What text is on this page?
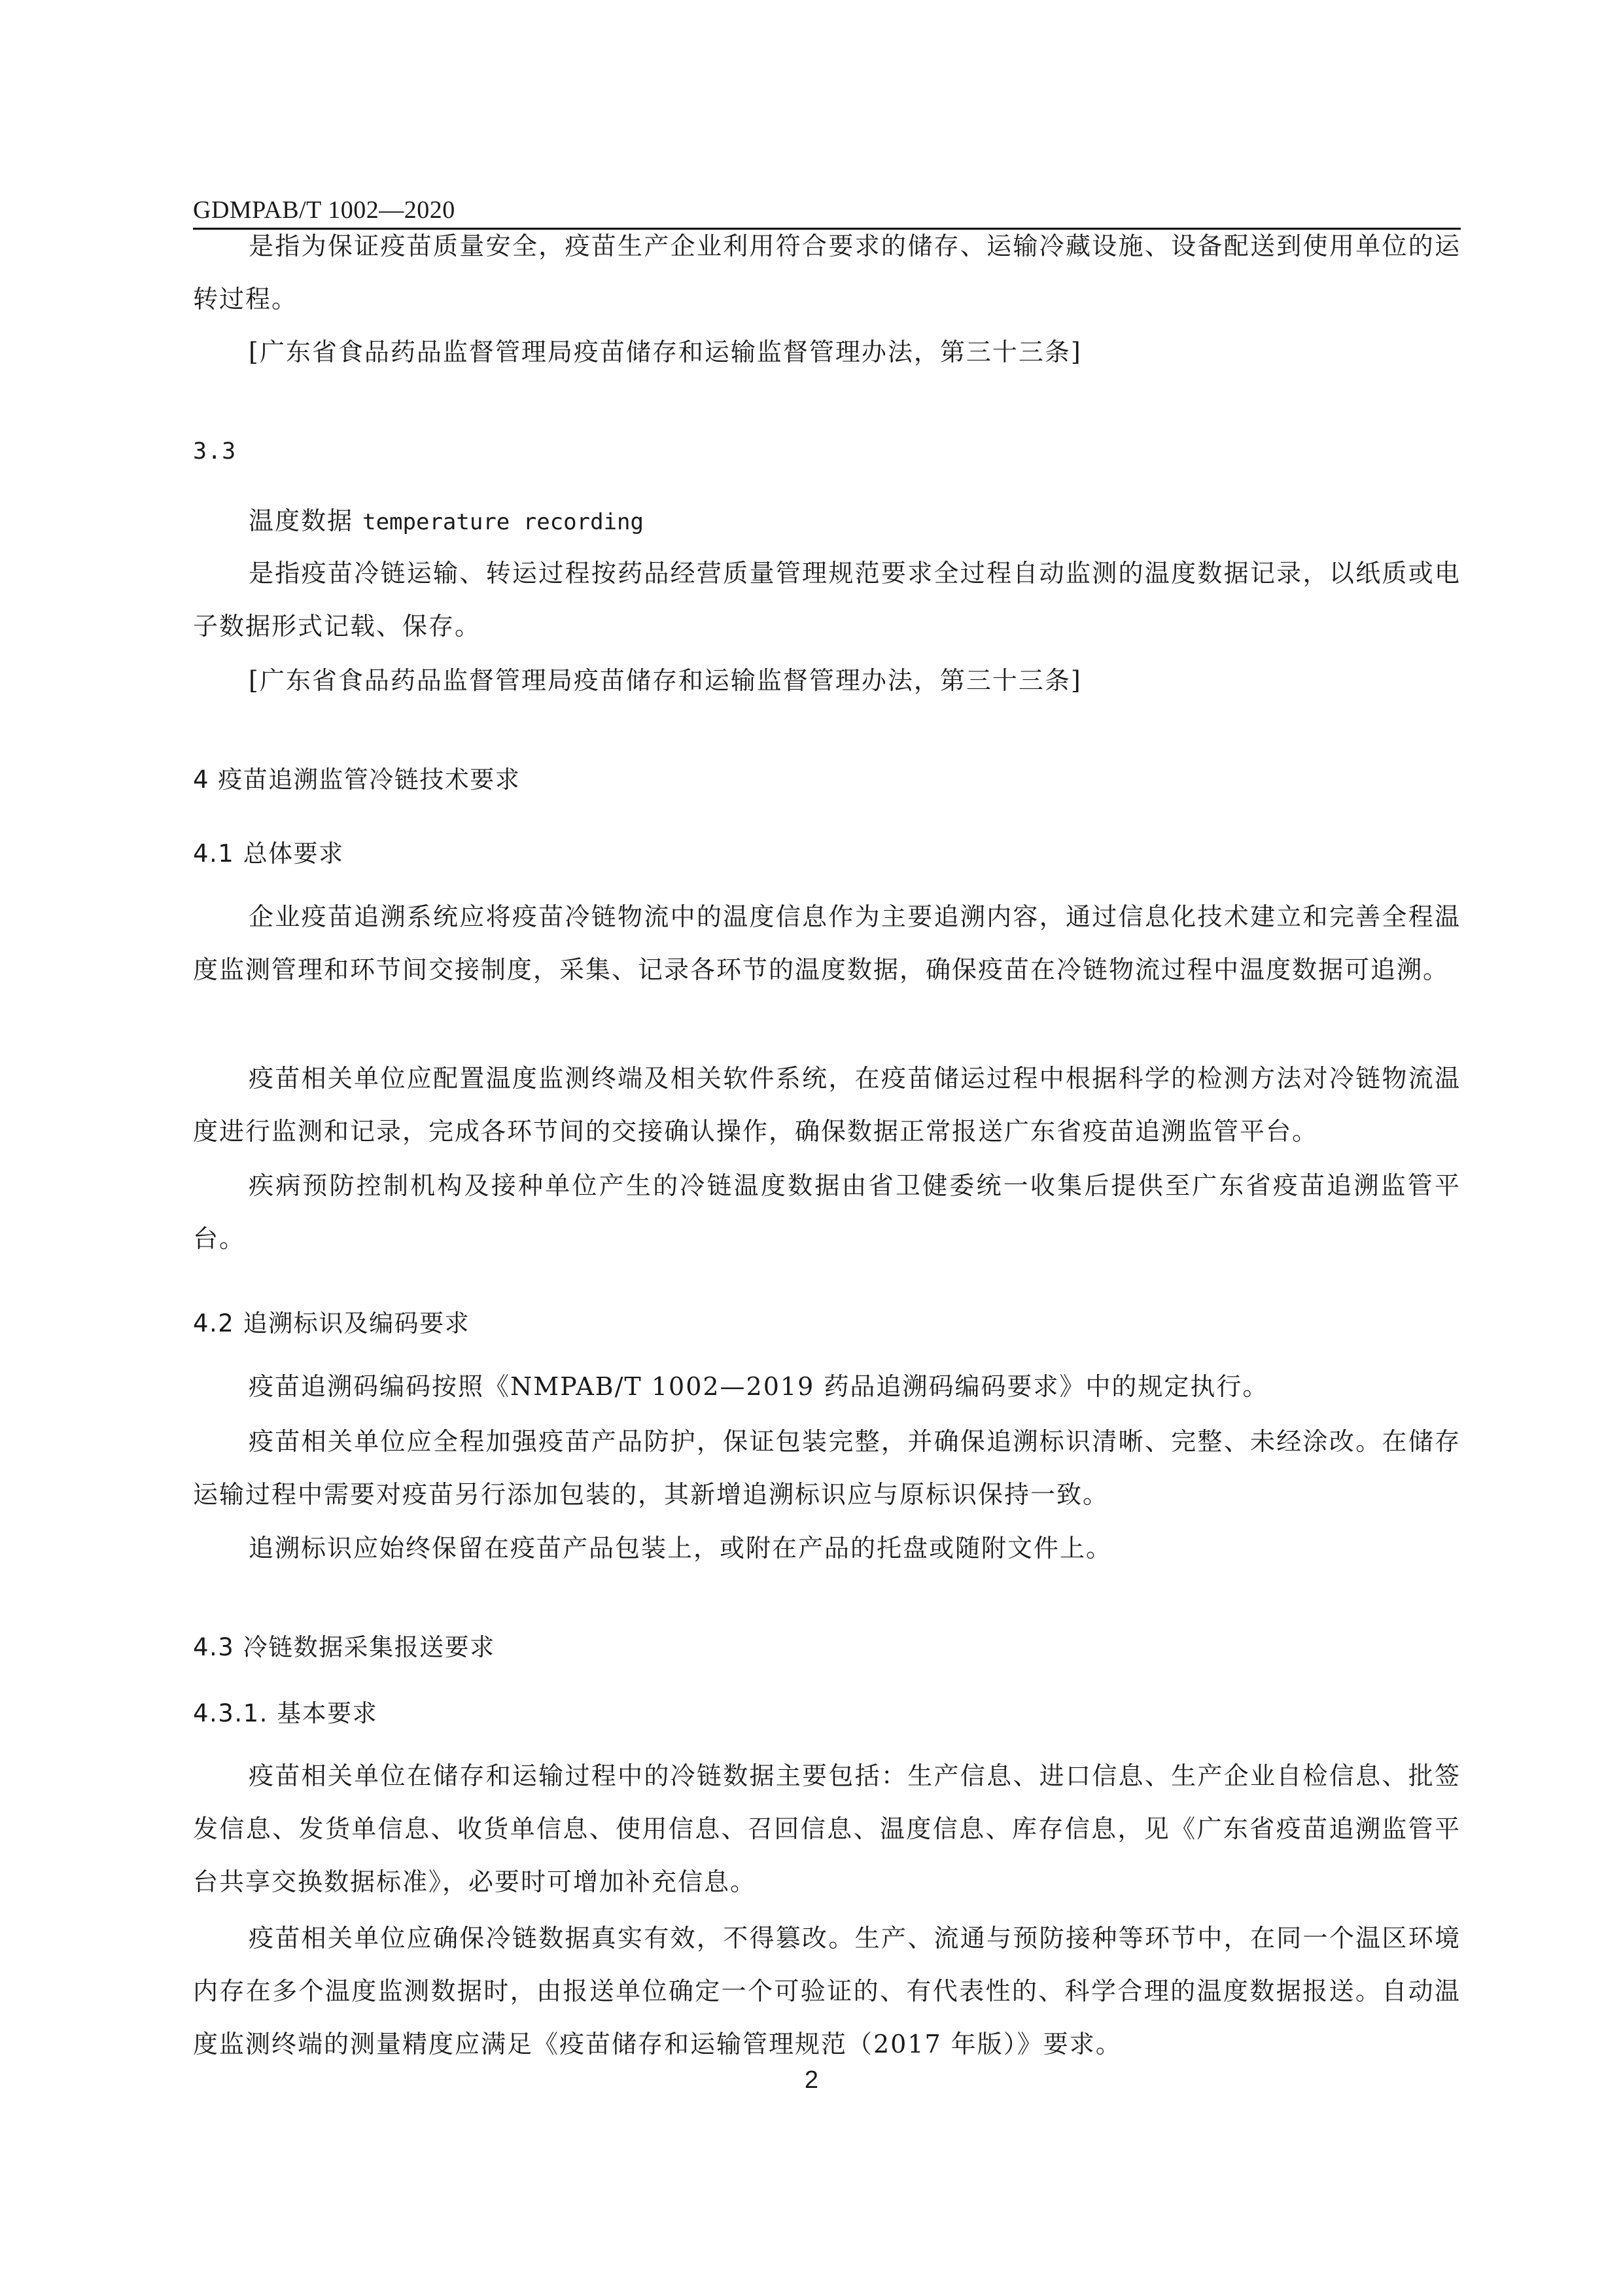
GDMPAB/T 1002—2020

是指为保证疫苗质量安全，疫苗生产企业利用符合要求的储存、运输冷藏设施、设备配送到使用单位的运转过程。

[广东省食品药品监督管理局疫苗储存和运输监督管理办法，第三十三条]

3.3

温度数据 temperature recording

是指疫苗冷链运输、转运过程按药品经营质量管理规范要求全过程自动监测的温度数据记录，以纸质或电子数据形式记载、保存。

[广东省食品药品监督管理局疫苗储存和运输监督管理办法，第三十三条]

4 疫苗追溯监管冷链技术要求

4.1 总体要求

企业疫苗追溯系统应将疫苗冷链物流中的温度信息作为主要追溯内容，通过信息化技术建立和完善全程温度监测管理和环节间交接制度，采集、记录各环节的温度数据，确保疫苗在冷链物流过程中温度数据可追溯。

疫苗相关单位应配置温度监测终端及相关软件系统，在疫苗储运过程中根据科学的检测方法对冷链物流温度进行监测和记录，完成各环节间的交接确认操作，确保数据正常报送广东省疫苗追溯监管平台。

疾病预防控制机构及接种单位产生的冷链温度数据由省卫健委统一收集后提供至广东省疫苗追溯监管平台。

4.2 追溯标识及编码要求

疫苗追溯码编码按照《NMPAB/T 1002—2019 药品追溯码编码要求》中的规定执行。

疫苗相关单位应全程加强疫苗产品防护，保证包装完整，并确保追溯标识清晰、完整、未经涂改。在储存运输过程中需要对疫苗另行添加包装的，其新增追溯标识应与原标识保持一致。

追溯标识应始终保留在疫苗产品包装上，或附在产品的托盘或随附文件上。

4.3 冷链数据采集报送要求

4.3.1. 基本要求

疫苗相关单位在储存和运输过程中的冷链数据主要包括：生产信息、进口信息、生产企业自检信息、批签发信息、发货单信息、收货单信息、使用信息、召回信息、温度信息、库存信息，见《广东省疫苗追溯监管平台共享交换数据标准》，必要时可增加补充信息。

疫苗相关单位应确保冷链数据真实有效，不得篡改。生产、流通与预防接种等环节中，在同一个温区环境内存在多个温度监测数据时，由报送单位确定一个可验证的、有代表性的、科学合理的温度数据报送。自动温度监测终端的测量精度应满足《疫苗储存和运输管理规范（2017 年版）》要求。

2
